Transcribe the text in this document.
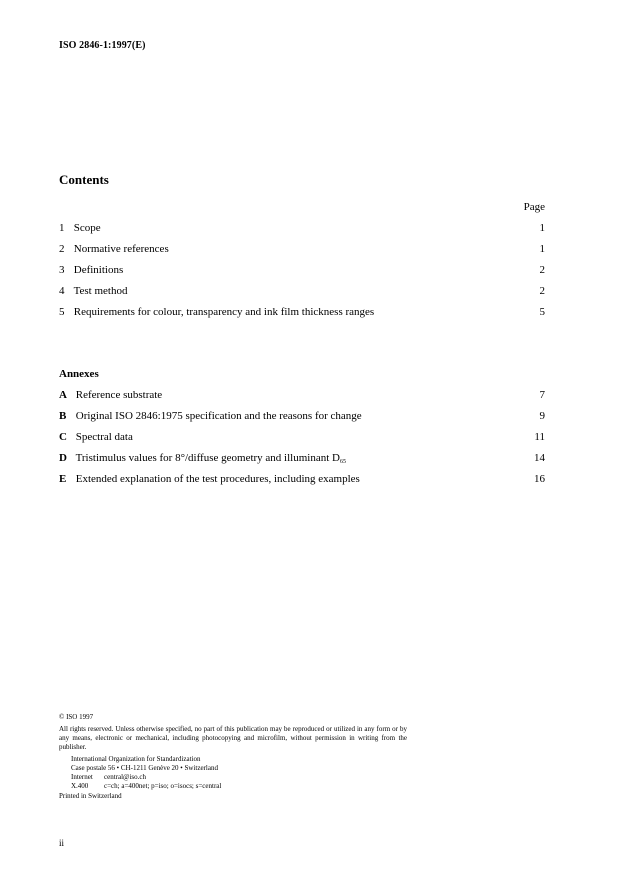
ISO 2846-1:1997(E)
Contents
Page
1 Scope	1
2 Normative references	1
3 Definitions	2
4 Test method	2
5 Requirements for colour, transparency and ink film thickness ranges	5
Annexes
A Reference substrate	7
B Original ISO 2846:1975 specification and the reasons for change	9
C Spectral data	11
D Tristimulus values for 8°/diffuse geometry and illuminant $D_{65}$	14
E Extended explanation of the test procedures, including examples	16

© ISO 1997

All rights reserved. Unless otherwise specified, no part of this publication may be reproduced or utilized in any form or by any means, electronic or mechanical, including photocopying and microfilm, without permission in writing from the publisher.

International Organization for Standardization
Case postale 56 • CH-1211 Genève 20 • Switzerland
Internet central@iso.ch
X.400 c=ch; a=400net; p=iso; o=isocs; s=central

Printed in Switzerland

ii
